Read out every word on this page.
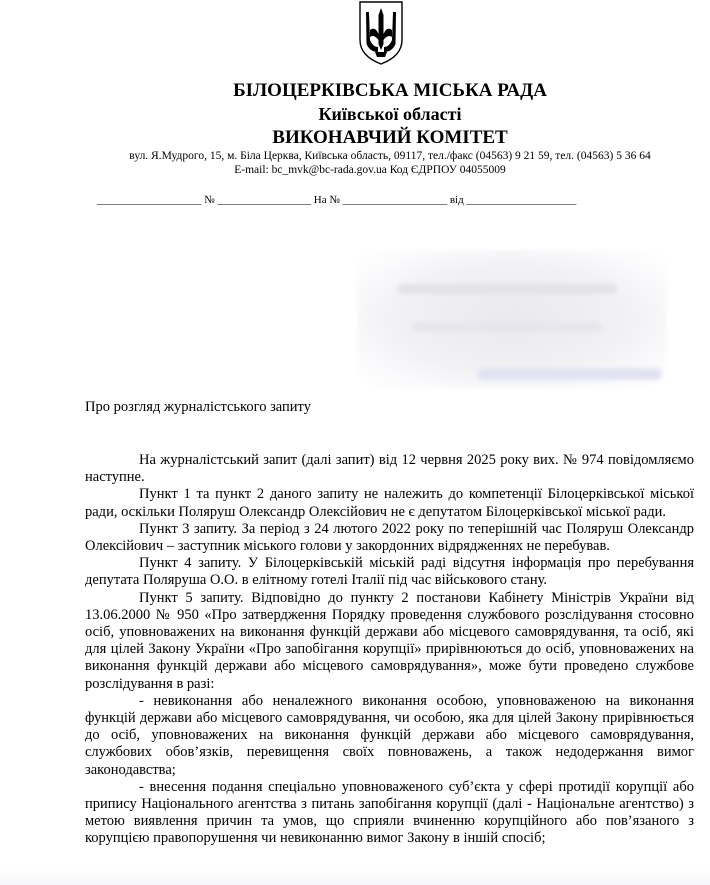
БІЛОЦЕРКІВСЬКА МІСЬКА РАДА
Київської області
ВИКОНАВЧИЙ КОМІТЕТ
вул. Я.Мудрого, 15, м. Біла Церква, Київська область, 09117, тел./факс (04563) 9 21 59, тел. (04563) 5 36 64
E-mail: bc_mvk@bc-rada.gov.ua Код ЄДРПОУ 04055009
___________________ № _________________ На № ___________________ від ____________________
Про розгляд журналістського запиту

На журналістський запит (далі запит) від 12 червня 2025 року вих. № 974 повідомляємо наступне.

Пункт 1 та пункт 2 даного запиту не належить до компетенції Білоцерківської міської ради, оскільки Поляруш Олександр Олексійович не є депутатом Білоцерківської міської ради.

Пункт 3 запиту. За період з 24 лютого 2022 року по теперішній час Поляруш Олександр Олексійович – заступник міського голови у закордонних відрядженнях не перебував.

Пункт 4 запиту. У Білоцерківській міській раді відсутня інформація про перебування депутата Поляруша О.О. в елітному готелі Італії під час військового стану.

Пункт 5 запиту. Відповідно до пункту 2 постанови Кабінету Міністрів України від 13.06.2000 № 950 «Про затвердження Порядку проведення службового розслідування стосовно осіб, уповноважених на виконання функцій держави або місцевого самоврядування, та осіб, які для цілей Закону України «Про запобігання корупції» прирівнюються до осіб, уповноважених на виконання функцій держави або місцевого самоврядування», може бути проведено службове розслідування в разі:

- невиконання або неналежного виконання особою, уповноваженою на виконання функцій держави або місцевого самоврядування, чи особою, яка для цілей Закону прирівнюється до осіб, уповноважених на виконання функцій держави або місцевого самоврядування, службових обов’язків, перевищення своїх повноважень, а також недодержання вимог законодавства;

- внесення подання спеціально уповноваженого суб’єкта у сфері протидії корупції або припису Національного агентства з питань запобігання корупції (далі - Національне агентство) з метою виявлення причин та умов, що сприяли вчиненню корупційного або пов’язаного з корупцією правопорушення чи невиконанню вимог Закону в іншій спосіб;
